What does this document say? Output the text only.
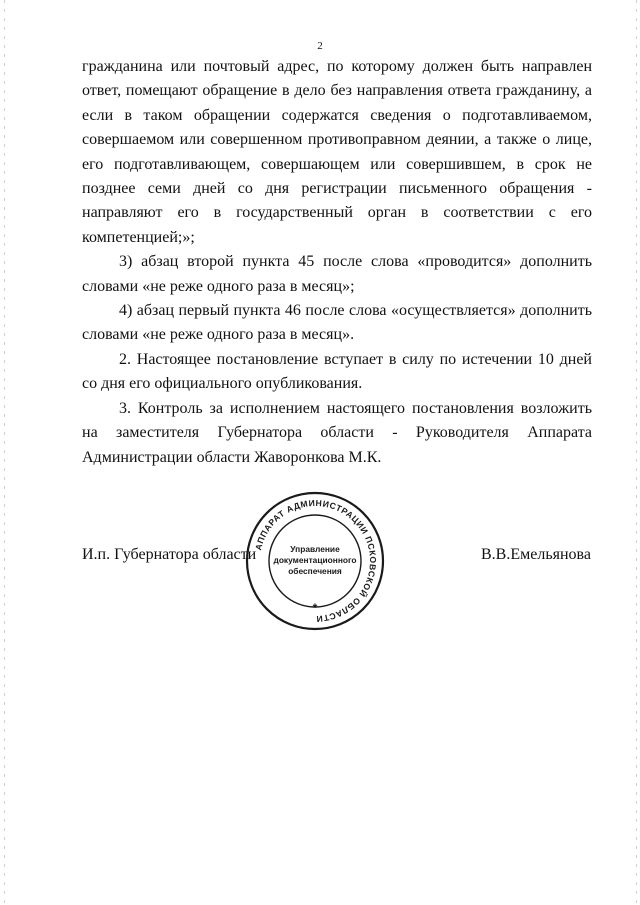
2

гражданина или почтовый адрес, по которому должен быть направлен ответ, помещают обращение в дело без направления ответа гражданину, а если в таком обращении содержатся сведения о подготавливаемом, совершаемом или совершенном противоправном деянии, а также о лице, его подготавливающем, совершающем или совершившем, в срок не позднее семи дней со дня регистрации письменного обращения - направляют его в государственный орган в соответствии с его компетенцией;»;

3) абзац второй пункта 45 после слова «проводится» дополнить словами «не реже одного раза в месяц»;

4) абзац первый пункта 46 после слова «осуществляется» дополнить словами «не реже одного раза в месяц».

2. Настоящее постановление вступает в силу по истечении 10 дней со дня его официального опубликования.

3. Контроль за исполнением настоящего постановления возложить на заместителя Губернатора области - Руководителя Аппарата Администрации области Жаворонкова М.К.

И.п. Губернатора области	В.В.Емельянова
АППАРАТ АДМИНИСТРАЦИИ ПСКОВСКОЙ ОБЛАСТИ
Управление
документационного
обеспечения
*
